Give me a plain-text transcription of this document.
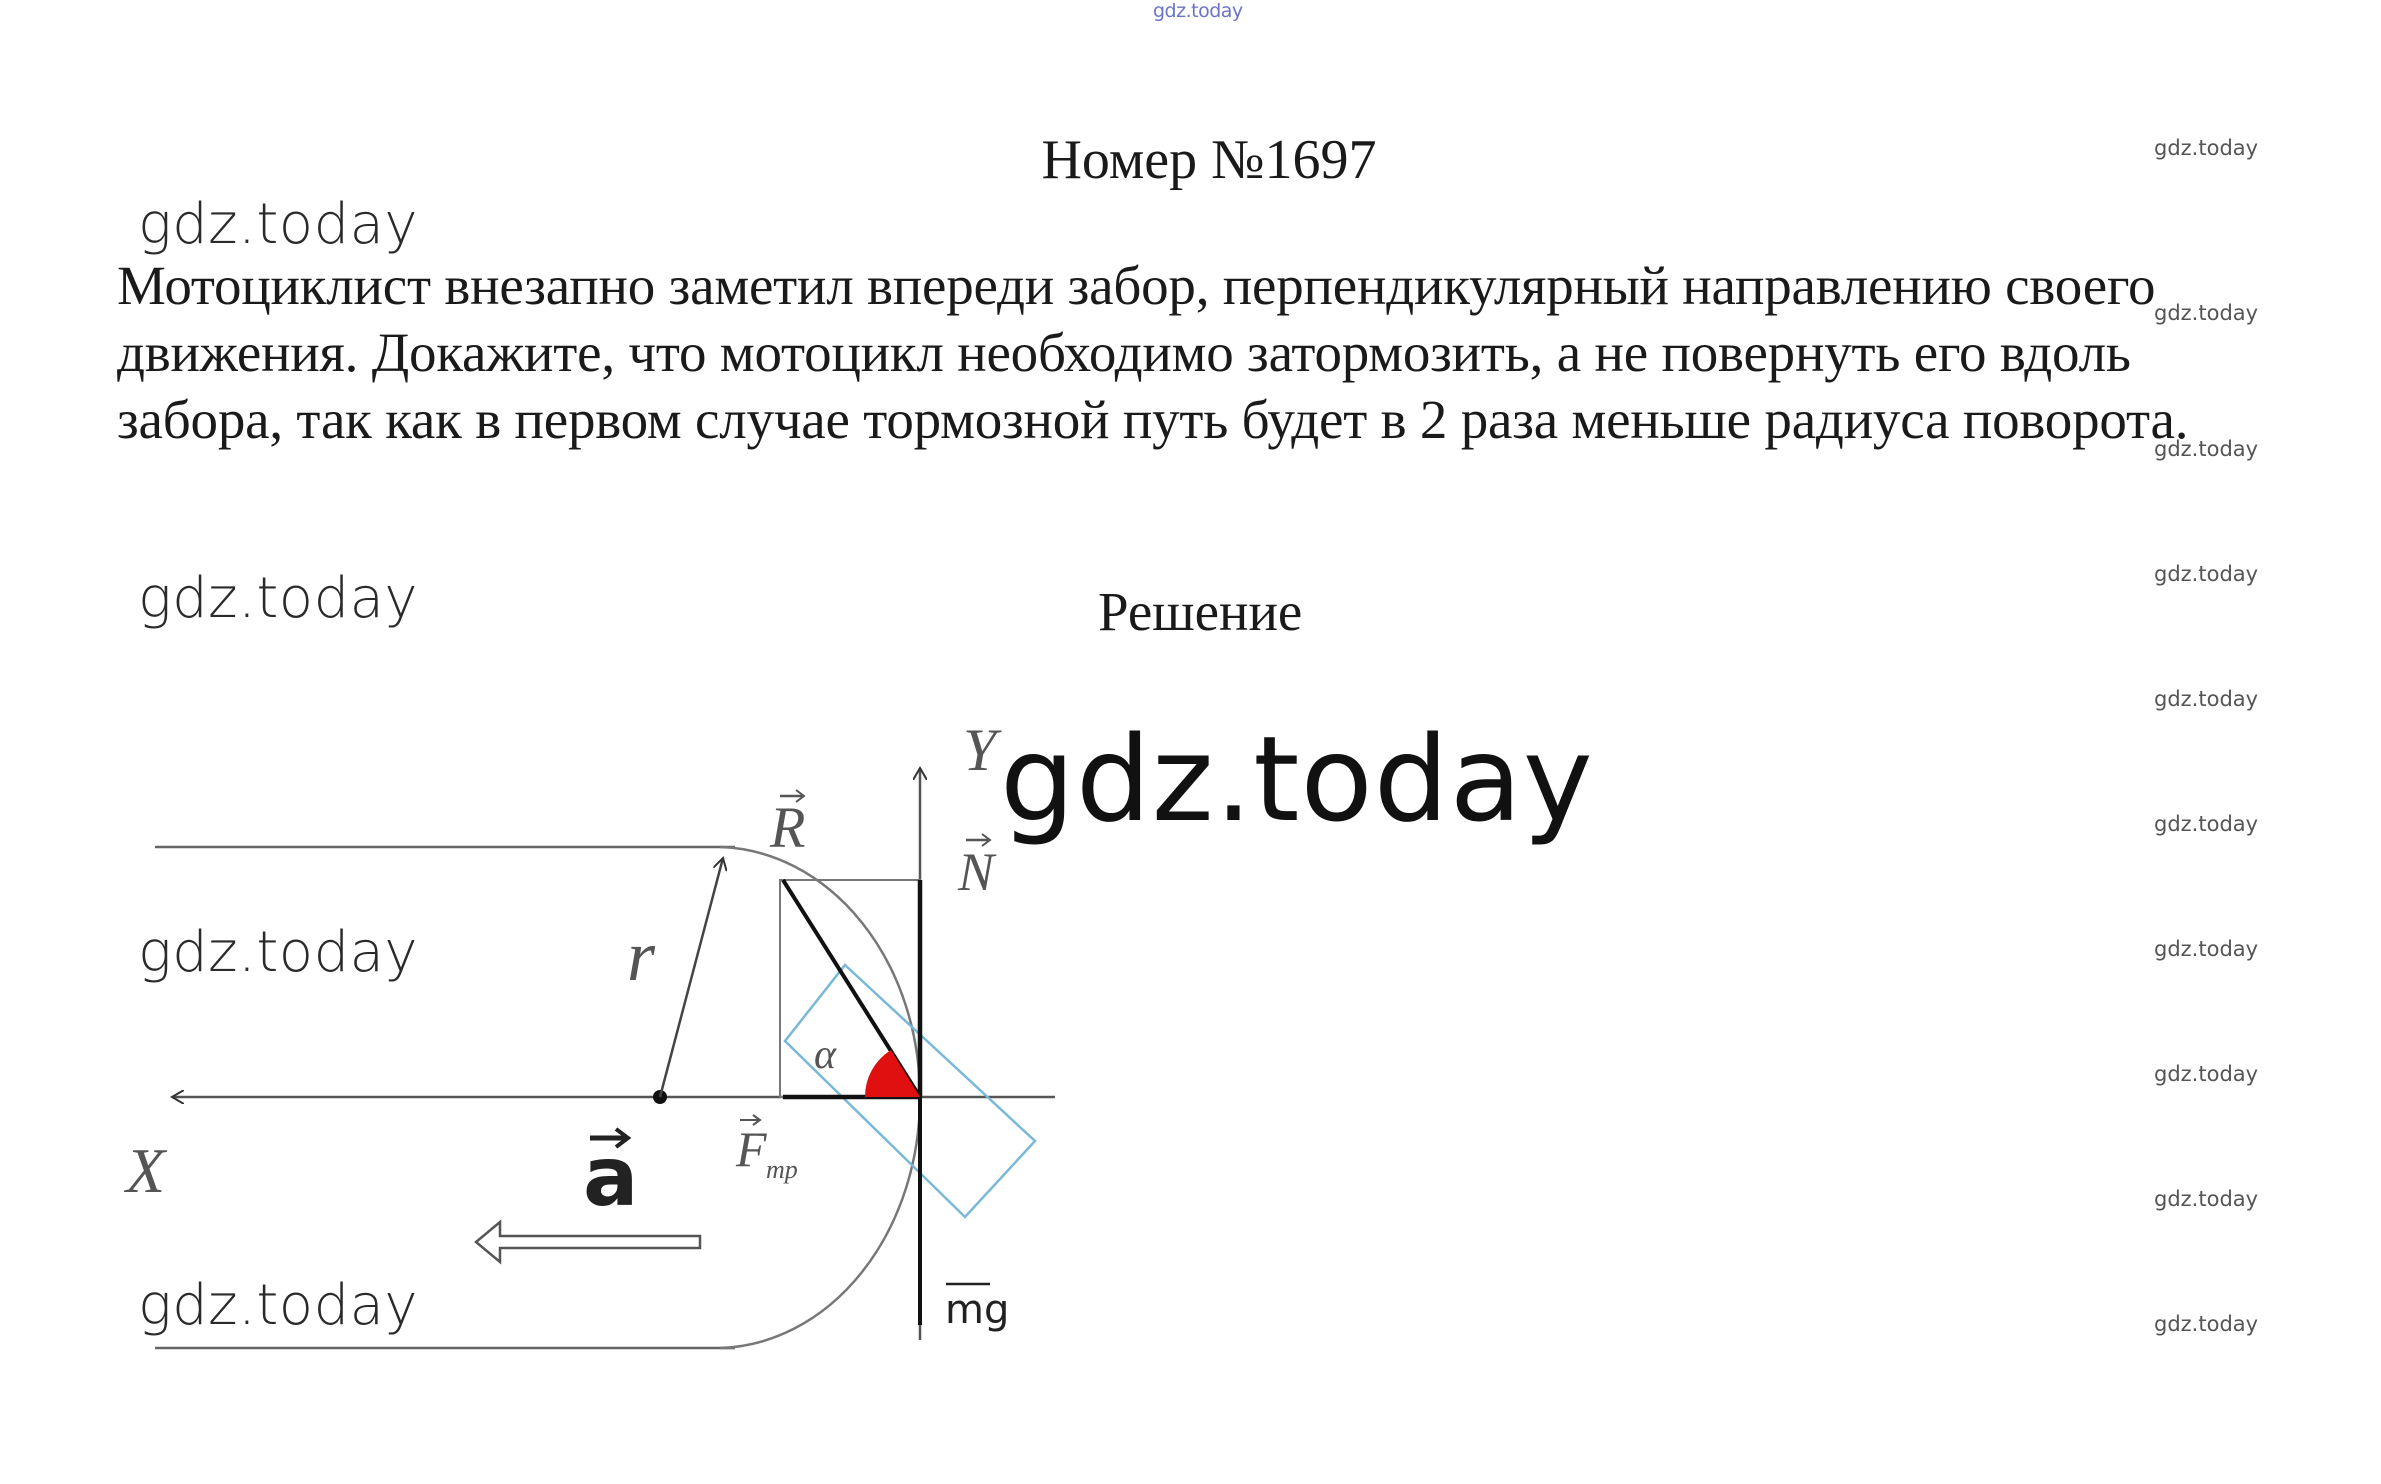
gdz.today
Номер №1697
Мотоциклист внезапно заметил впереди забор, перпендикулярный направлению своего движения. Докажите, что мотоцикл необходимо затормозить, а не повернуть его вдоль забора, так как в первом случае тормозной путь будет в 2 раза меньше радиуса поворота.
Решение
gdz.today
gdz.today
gdz.today
gdz.today
gdz.today
gdz.today
gdz.today
gdz.today
gdz.today
gdz.today
gdz.today
gdz.today
gdz.today
gdz.today
Y
X
R
N
r
α
a F тр
mg
gdz.today
